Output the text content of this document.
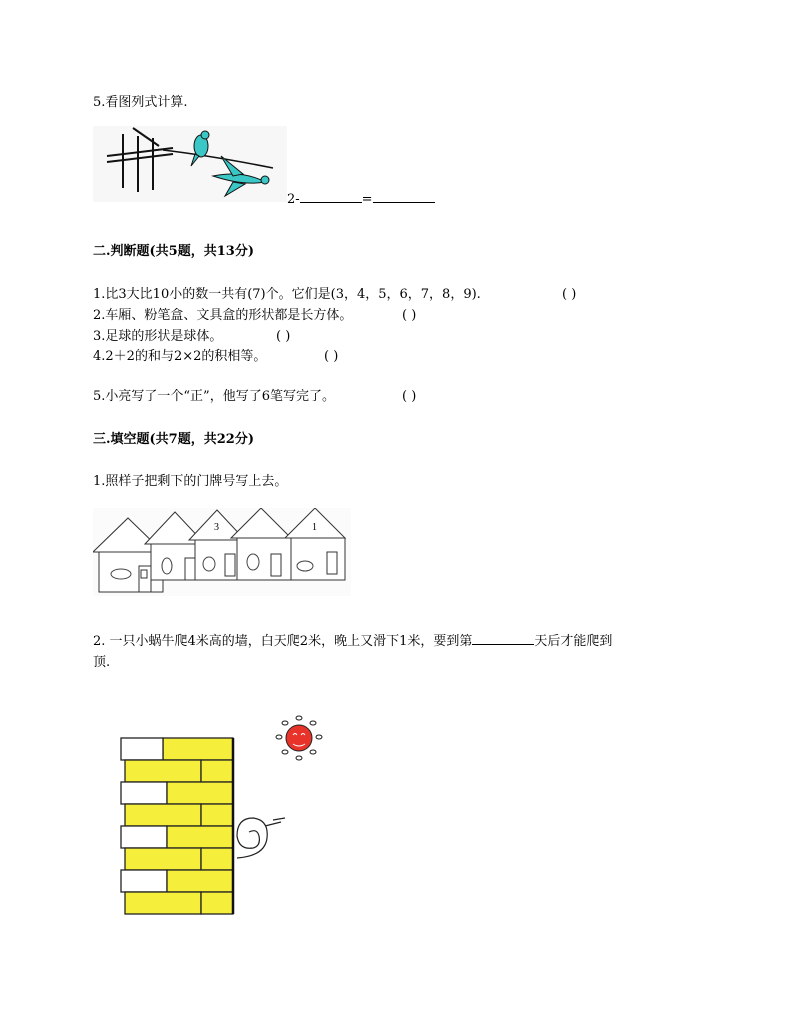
5.看图列式计算.
2-	=
二.判断题(共5题，共13分)
1.比3大比10小的数一共有(7)个。它们是(3，4，5，6，7，8，9).	( )
2.车厢、粉笔盒、文具盒的形状都是长方体。	( )
3.足球的形状是球体。	( )
4.2＋2的和与2×2的积相等。	( )
5.小亮写了一个“正”，他写了6笔写完了。	( )
三.填空题(共7题，共22分)
1.照样子把剩下的门牌号写上去。
3	1
2. 一只小蜗牛爬4米高的墙，白天爬2米，晚上又滑下1米，要到第	天后才能爬到
顶.
